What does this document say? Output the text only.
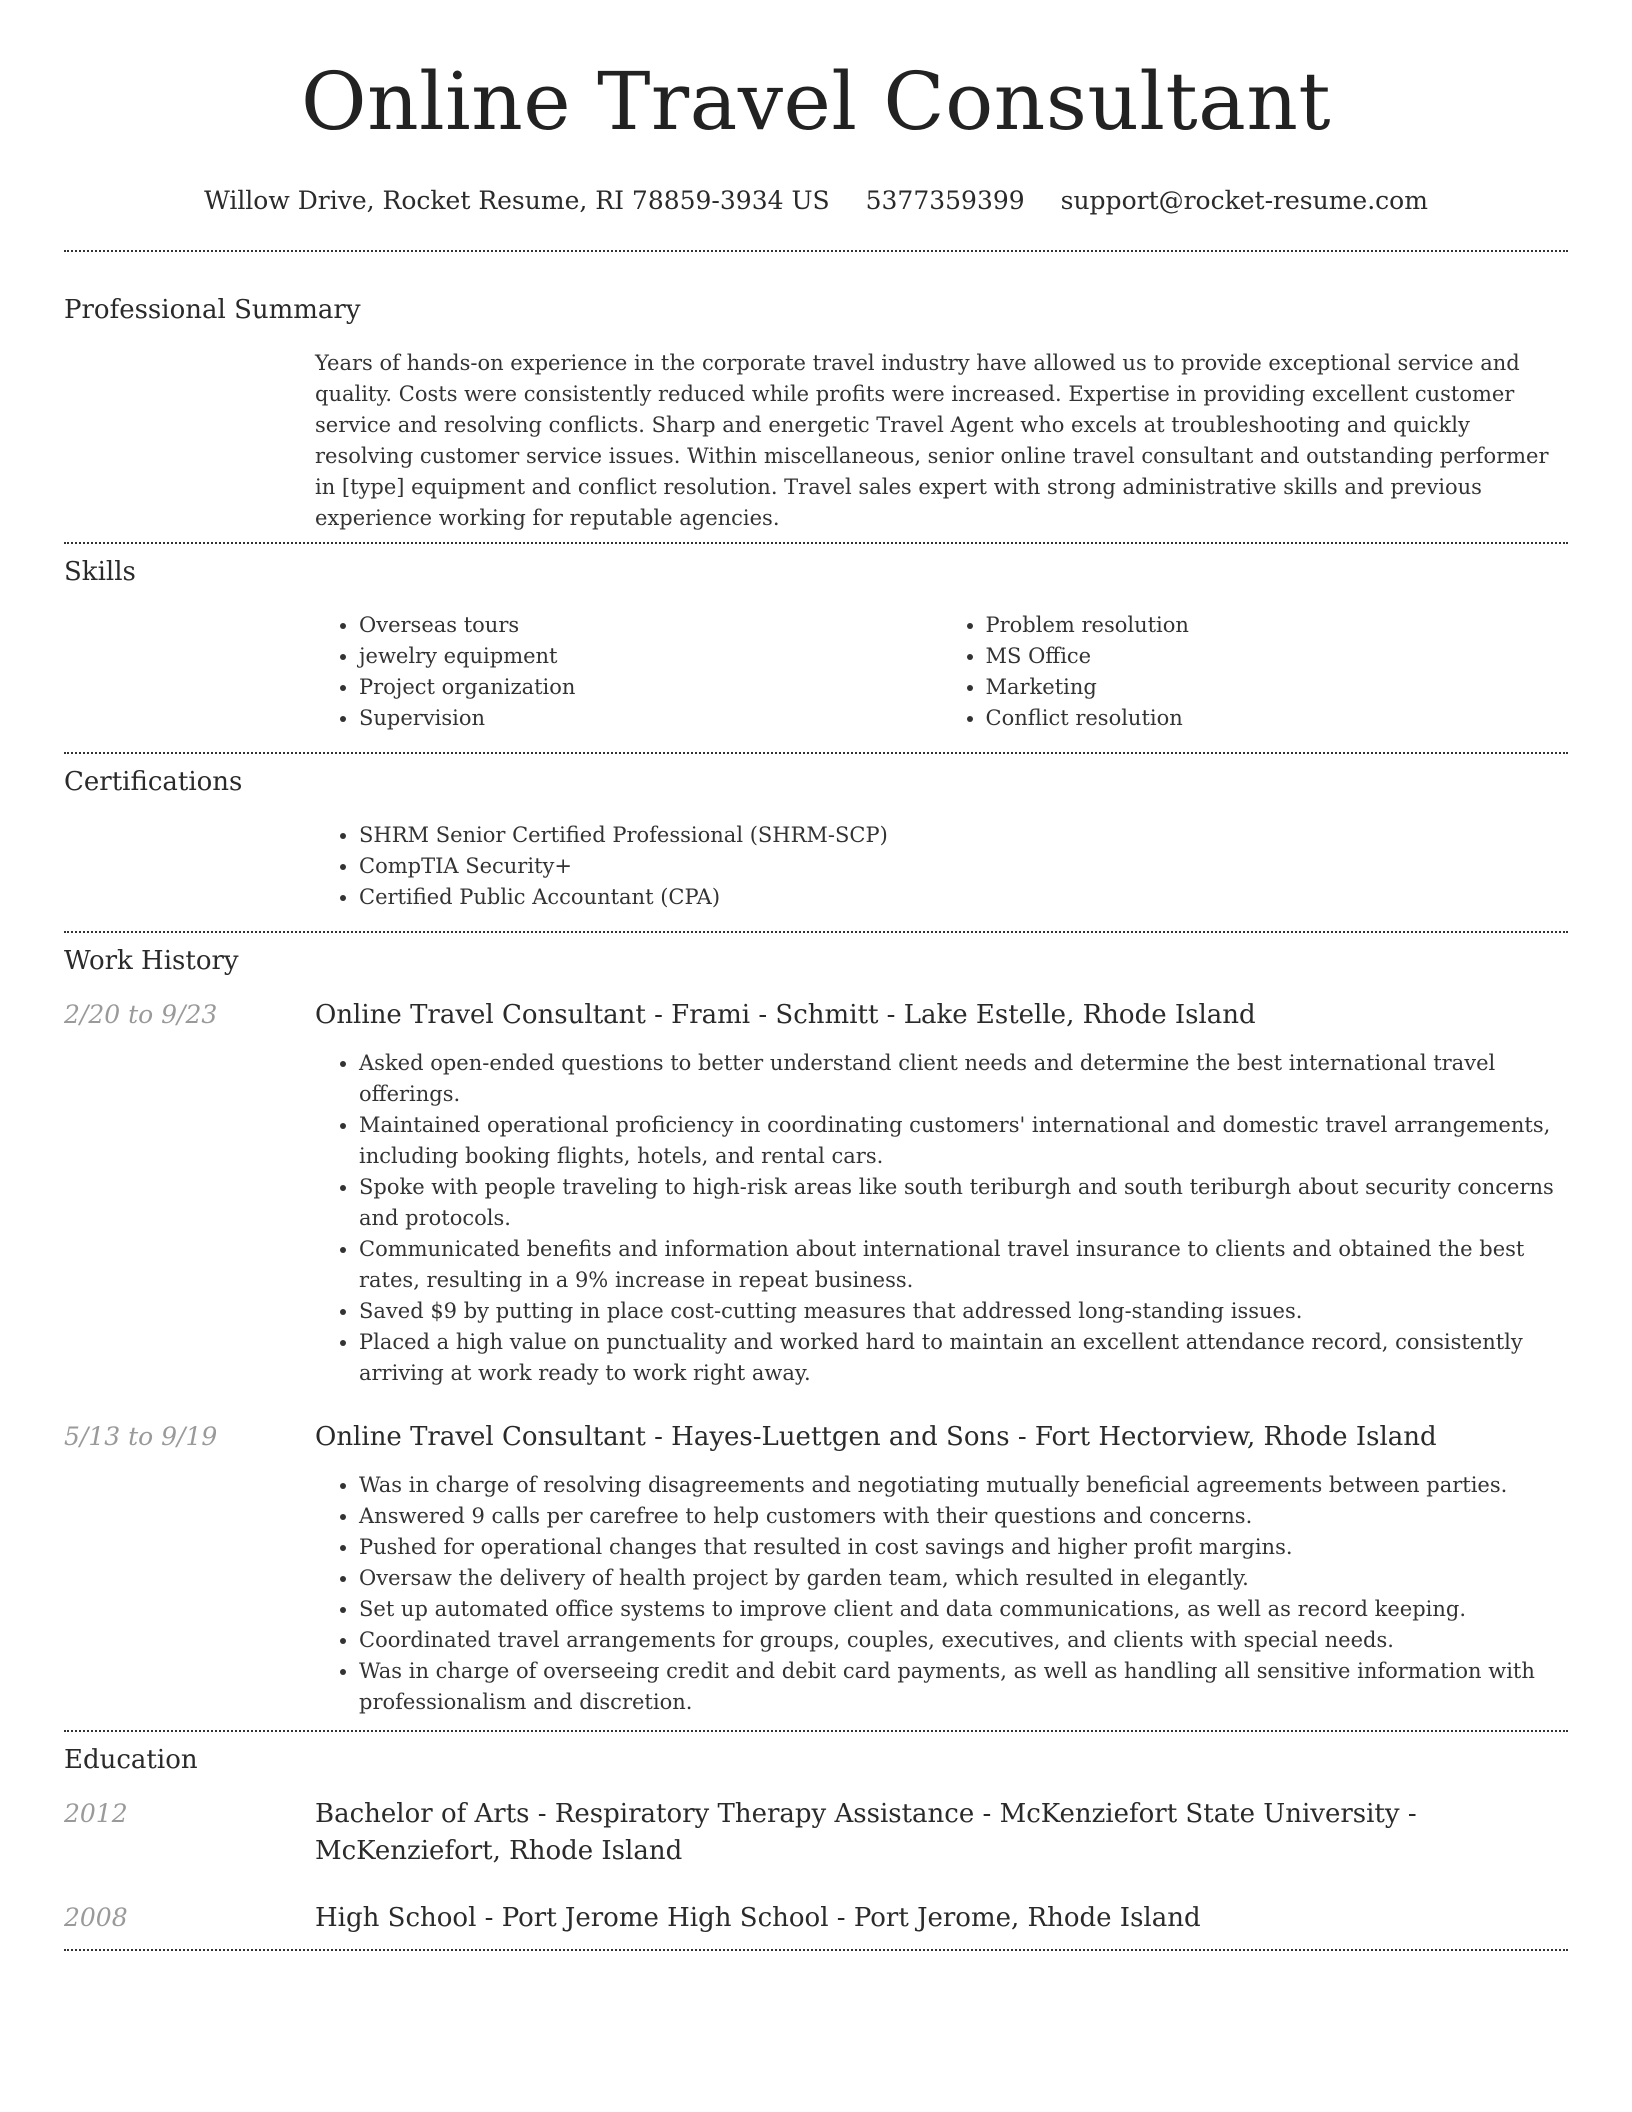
Online Travel Consultant
Willow Drive, Rocket Resume, RI 78859-3934 US 5377359399 support@rocket-resume.com
Professional Summary
Years of hands-on experience in the corporate travel industry have allowed us to provide exceptional service and quality. Costs were consistently reduced while profits were increased. Expertise in providing excellent customer service and resolving conflicts. Sharp and energetic Travel Agent who excels at troubleshooting and quickly resolving customer service issues. Within miscellaneous, senior online travel consultant and outstanding performer in [type] equipment and conflict resolution. Travel sales expert with strong administrative skills and previous experience working for reputable agencies.
Skills
• Overseas tours
• jewelry equipment
• Project organization
• Supervision
• Problem resolution
• MS Office
• Marketing
• Conflict resolution
Certifications
• SHRM Senior Certified Professional (SHRM-SCP)
• CompTIA Security+
• Certified Public Accountant (CPA)
Work History
2/20 to 9/23	Online Travel Consultant - Frami - Schmitt - Lake Estelle, Rhode Island
• Asked open-ended questions to better understand client needs and determine the best international travel offerings.
• Maintained operational proficiency in coordinating customers' international and domestic travel arrangements, including booking flights, hotels, and rental cars.
• Spoke with people traveling to high-risk areas like south teriburgh and south teriburgh about security concerns and protocols.
• Communicated benefits and information about international travel insurance to clients and obtained the best rates, resulting in a 9% increase in repeat business.
• Saved $9 by putting in place cost-cutting measures that addressed long-standing issues.
• Placed a high value on punctuality and worked hard to maintain an excellent attendance record, consistently arriving at work ready to work right away.
5/13 to 9/19	Online Travel Consultant - Hayes-Luettgen and Sons - Fort Hectorview, Rhode Island
• Was in charge of resolving disagreements and negotiating mutually beneficial agreements between parties.
• Answered 9 calls per carefree to help customers with their questions and concerns.
• Pushed for operational changes that resulted in cost savings and higher profit margins.
• Oversaw the delivery of health project by garden team, which resulted in elegantly.
• Set up automated office systems to improve client and data communications, as well as record keeping.
• Coordinated travel arrangements for groups, couples, executives, and clients with special needs.
• Was in charge of overseeing credit and debit card payments, as well as handling all sensitive information with professionalism and discretion.
Education
2012	Bachelor of Arts - Respiratory Therapy Assistance - McKenziefort State University - McKenziefort, Rhode Island
2008	High School - Port Jerome High School - Port Jerome, Rhode Island
